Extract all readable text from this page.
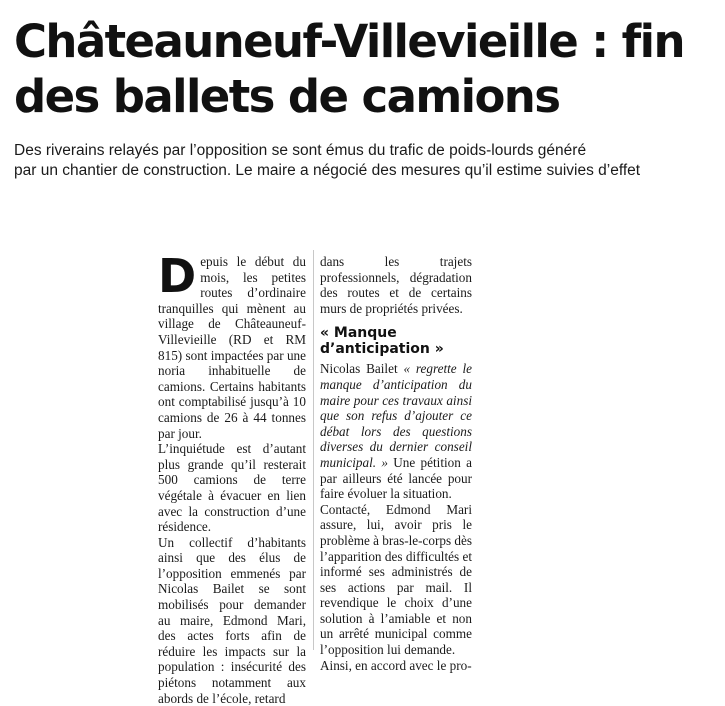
Châteauneuf-Villevieille : fin des ballets de camions
Des riverains relayés par l’opposition se sont émus du trafic de poids-lourds généré
par un chantier de construction. Le maire a négocié des mesures qu’il estime suivies d’effet

Depuis le début du mois, les petites routes d’ordinaire tranquilles qui mènent au village de Châteauneuf-Villevieille (RD et RM 815) sont impactées par une noria inhabituelle de camions. Certains habitants ont comptabilisé jusqu’à 10 camions de 26 à 44 tonnes par jour.

L’inquiétude est d’autant plus grande qu’il resterait 500 camions de terre végétale à évacuer en lien avec la construction d’une résidence.

Un collectif d’habitants ainsi que des élus de l’opposition emmenés par Nicolas Bailet se sont mobilisés pour demander au maire, Edmond Mari, des actes forts afin de réduire les impacts sur la population : insécurité des piétons notamment aux abords de l’école, retard

dans les trajets professionnels, dégradation des routes et de certains murs de propriétés privées.

« Manque d’anticipation »

Nicolas Bailet « regrette le manque d’anticipation du maire pour ces travaux ainsi que son refus d’ajouter ce débat lors des questions diverses du dernier conseil municipal. » Une pétition a par ailleurs été lancée pour faire évoluer la situation.

Contacté, Edmond Mari assure, lui, avoir pris le problème à bras-le-corps dès l’apparition des difficultés et informé ses administrés de ses actions par mail. Il revendique le choix d’une solution à l’amiable et non un arrêté municipal comme l’opposition lui demande.

Ainsi, en accord avec le pro-
